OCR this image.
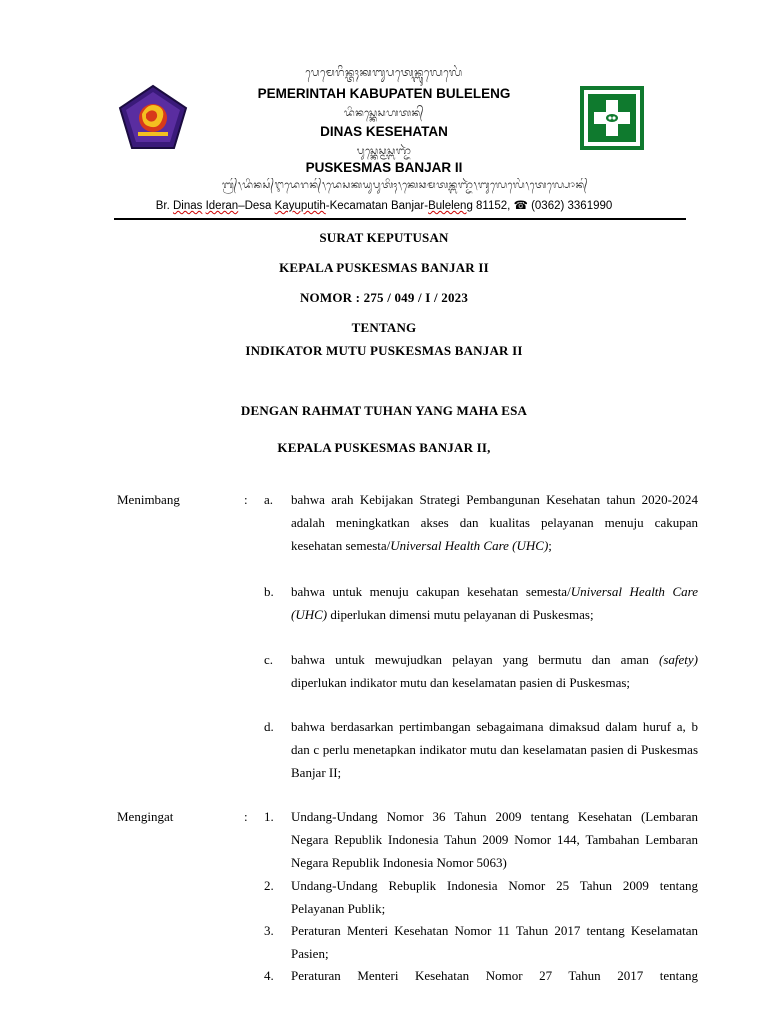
ᬧᬾᬫᬾᬭᬶᬦ᭄ᬢᬄᬓᬩᬸᬧᬢᬾᬦ᭄ᬩᬸᬮᬾᬮᬾᬂ
PEMERINTAH KABUPATEN BULELENG
ᬤᬶᬦᬲ᭄ᬓᬾᬲᬳᬢᬦ᭄
DINAS KESEHATAN
ᬧᬸᬲ᭄ᬓᬾᬲ᭄ᬫᬲ᭄ᬩᬜ᭄ᬚᬃ
PUSKESMAS BANJAR II
ᬩ᭄ᬭ᭄᭞ᬤᬶᬦᬲ᭄ᬇᬤᬾᬭᬦ᭄᭞ᬤᬾᬲᬓᬬᬸᬧᬸᬢᬶᬄ᭞ᬓᬾᬘᬫᬢᬦ᭄ᬩᬜ᭄ᬚᬃ᭞ᬩᬸᬮᬾᬮᬾᬂ᭞ᬢᬾᬮ᭄ᬧᭀᬦ᭄
Br. Dinas Ideran–Desa Kayuputih-Kecamatan Banjar-Buleleng 81152, ☎ (0362) 3361990
SURAT KEPUTUSAN
KEPALA PUSKESMAS BANJAR II
NOMOR : 275 / 049 / I / 2023
TENTANG
INDIKATOR MUTU PUSKESMAS BANJAR II
DENGAN RAHMAT TUHAN YANG MAHA ESA
KEPALA PUSKESMAS BANJAR II,
Menimbang	: a. bahwa arah Kebijakan Strategi Pembangunan Kesehatan tahun 2020-2024 adalah meningkatkan akses dan kualitas pelayanan menuju cakupan kesehatan semesta/Universal Health Care (UHC);
b. bahwa untuk menuju cakupan kesehatan semesta/Universal Health Care (UHC) diperlukan dimensi mutu pelayanan di Puskesmas;
c. bahwa untuk mewujudkan pelayan yang bermutu dan aman (safety) diperlukan indikator mutu dan keselamatan pasien di Puskesmas;
d. bahwa berdasarkan pertimbangan sebagaimana dimaksud dalam huruf a, b dan c perlu menetapkan indikator mutu dan keselamatan pasien di Puskesmas Banjar II;
Mengingat	: 1. Undang-Undang Nomor 36 Tahun 2009 tentang Kesehatan (Lembaran Negara Republik Indonesia Tahun 2009 Nomor 144, Tambahan Lembaran Negara Republik Indonesia Nomor 5063)
2. Undang-Undang Rebuplik Indonesia Nomor 25 Tahun 2009 tentang Pelayanan Publik;
3. Peraturan Menteri Kesehatan Nomor 11 Tahun 2017 tentang Keselamatan Pasien;
4. Peraturan Menteri Kesehatan Nomor 27 Tahun 2017 tentang
